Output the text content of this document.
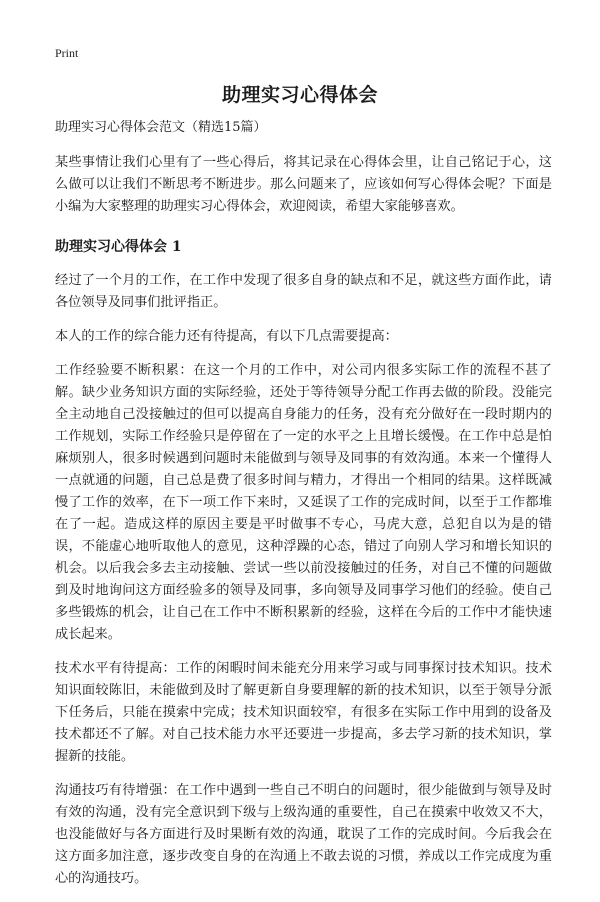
Print
助理实习心得体会
助理实习心得体会范文（精选15篇）

某些事情让我们心里有了一些心得后，将其记录在心得体会里，让自己铭记于心，这么做可以让我们不断思考不断进步。那么问题来了，应该如何写心得体会呢？下面是小编为大家整理的助理实习心得体会，欢迎阅读，希望大家能够喜欢。

助理实习心得体会 1

经过了一个月的工作，在工作中发现了很多自身的缺点和不足，就这些方面作此，请各位领导及同事们批评指正。

本人的工作的综合能力还有待提高，有以下几点需要提高：

工作经验要不断积累：在这一个月的工作中，对公司内很多实际工作的流程不甚了解。缺少业务知识方面的实际经验，还处于等待领导分配工作再去做的阶段。没能完全主动地自己没接触过的但可以提高自身能力的任务，没有充分做好在一段时期内的工作规划，实际工作经验只是停留在了一定的水平之上且增长缓慢。在工作中总是怕麻烦别人，很多时候遇到问题时未能做到与领导及同事的有效沟通。本来一个懂得人一点就通的问题，自己总是费了很多时间与精力，才得出一个相同的结果。这样既减慢了工作的效率，在下一项工作下来时，又延误了工作的完成时间，以至于工作都堆在了一起。造成这样的原因主要是平时做事不专心，马虎大意，总犯自以为是的错误，不能虚心地听取他人的意见，这种浮躁的心态，错过了向别人学习和增长知识的机会。以后我会多去主动接触、尝试一些以前没接触过的任务，对自己不懂的问题做到及时地询问这方面经验多的领导及同事，多向领导及同事学习他们的经验。使自己多些锻炼的机会，让自己在工作中不断积累新的经验，这样在今后的工作中才能快速成长起来。

技术水平有待提高：工作的闲暇时间未能充分用来学习或与同事探讨技术知识。技术知识面较陈旧，未能做到及时了解更新自身要理解的新的技术知识，以至于领导分派下任务后，只能在摸索中完成；技术知识面较窄，有很多在实际工作中用到的设备及技术都还不了解。对自己技术能力水平还要进一步提高，多去学习新的技术知识，掌握新的技能。

沟通技巧有待增强：在工作中遇到一些自己不明白的问题时，很少能做到与领导及时有效的沟通，没有完全意识到下级与上级沟通的重要性，自己在摸索中收效又不大，也没能做好与各方面进行及时果断有效的沟通，耽误了工作的完成时间。今后我会在这方面多加注意，逐步改变自身的在沟通上不敢去说的习惯，养成以工作完成度为重心的沟通技巧。
